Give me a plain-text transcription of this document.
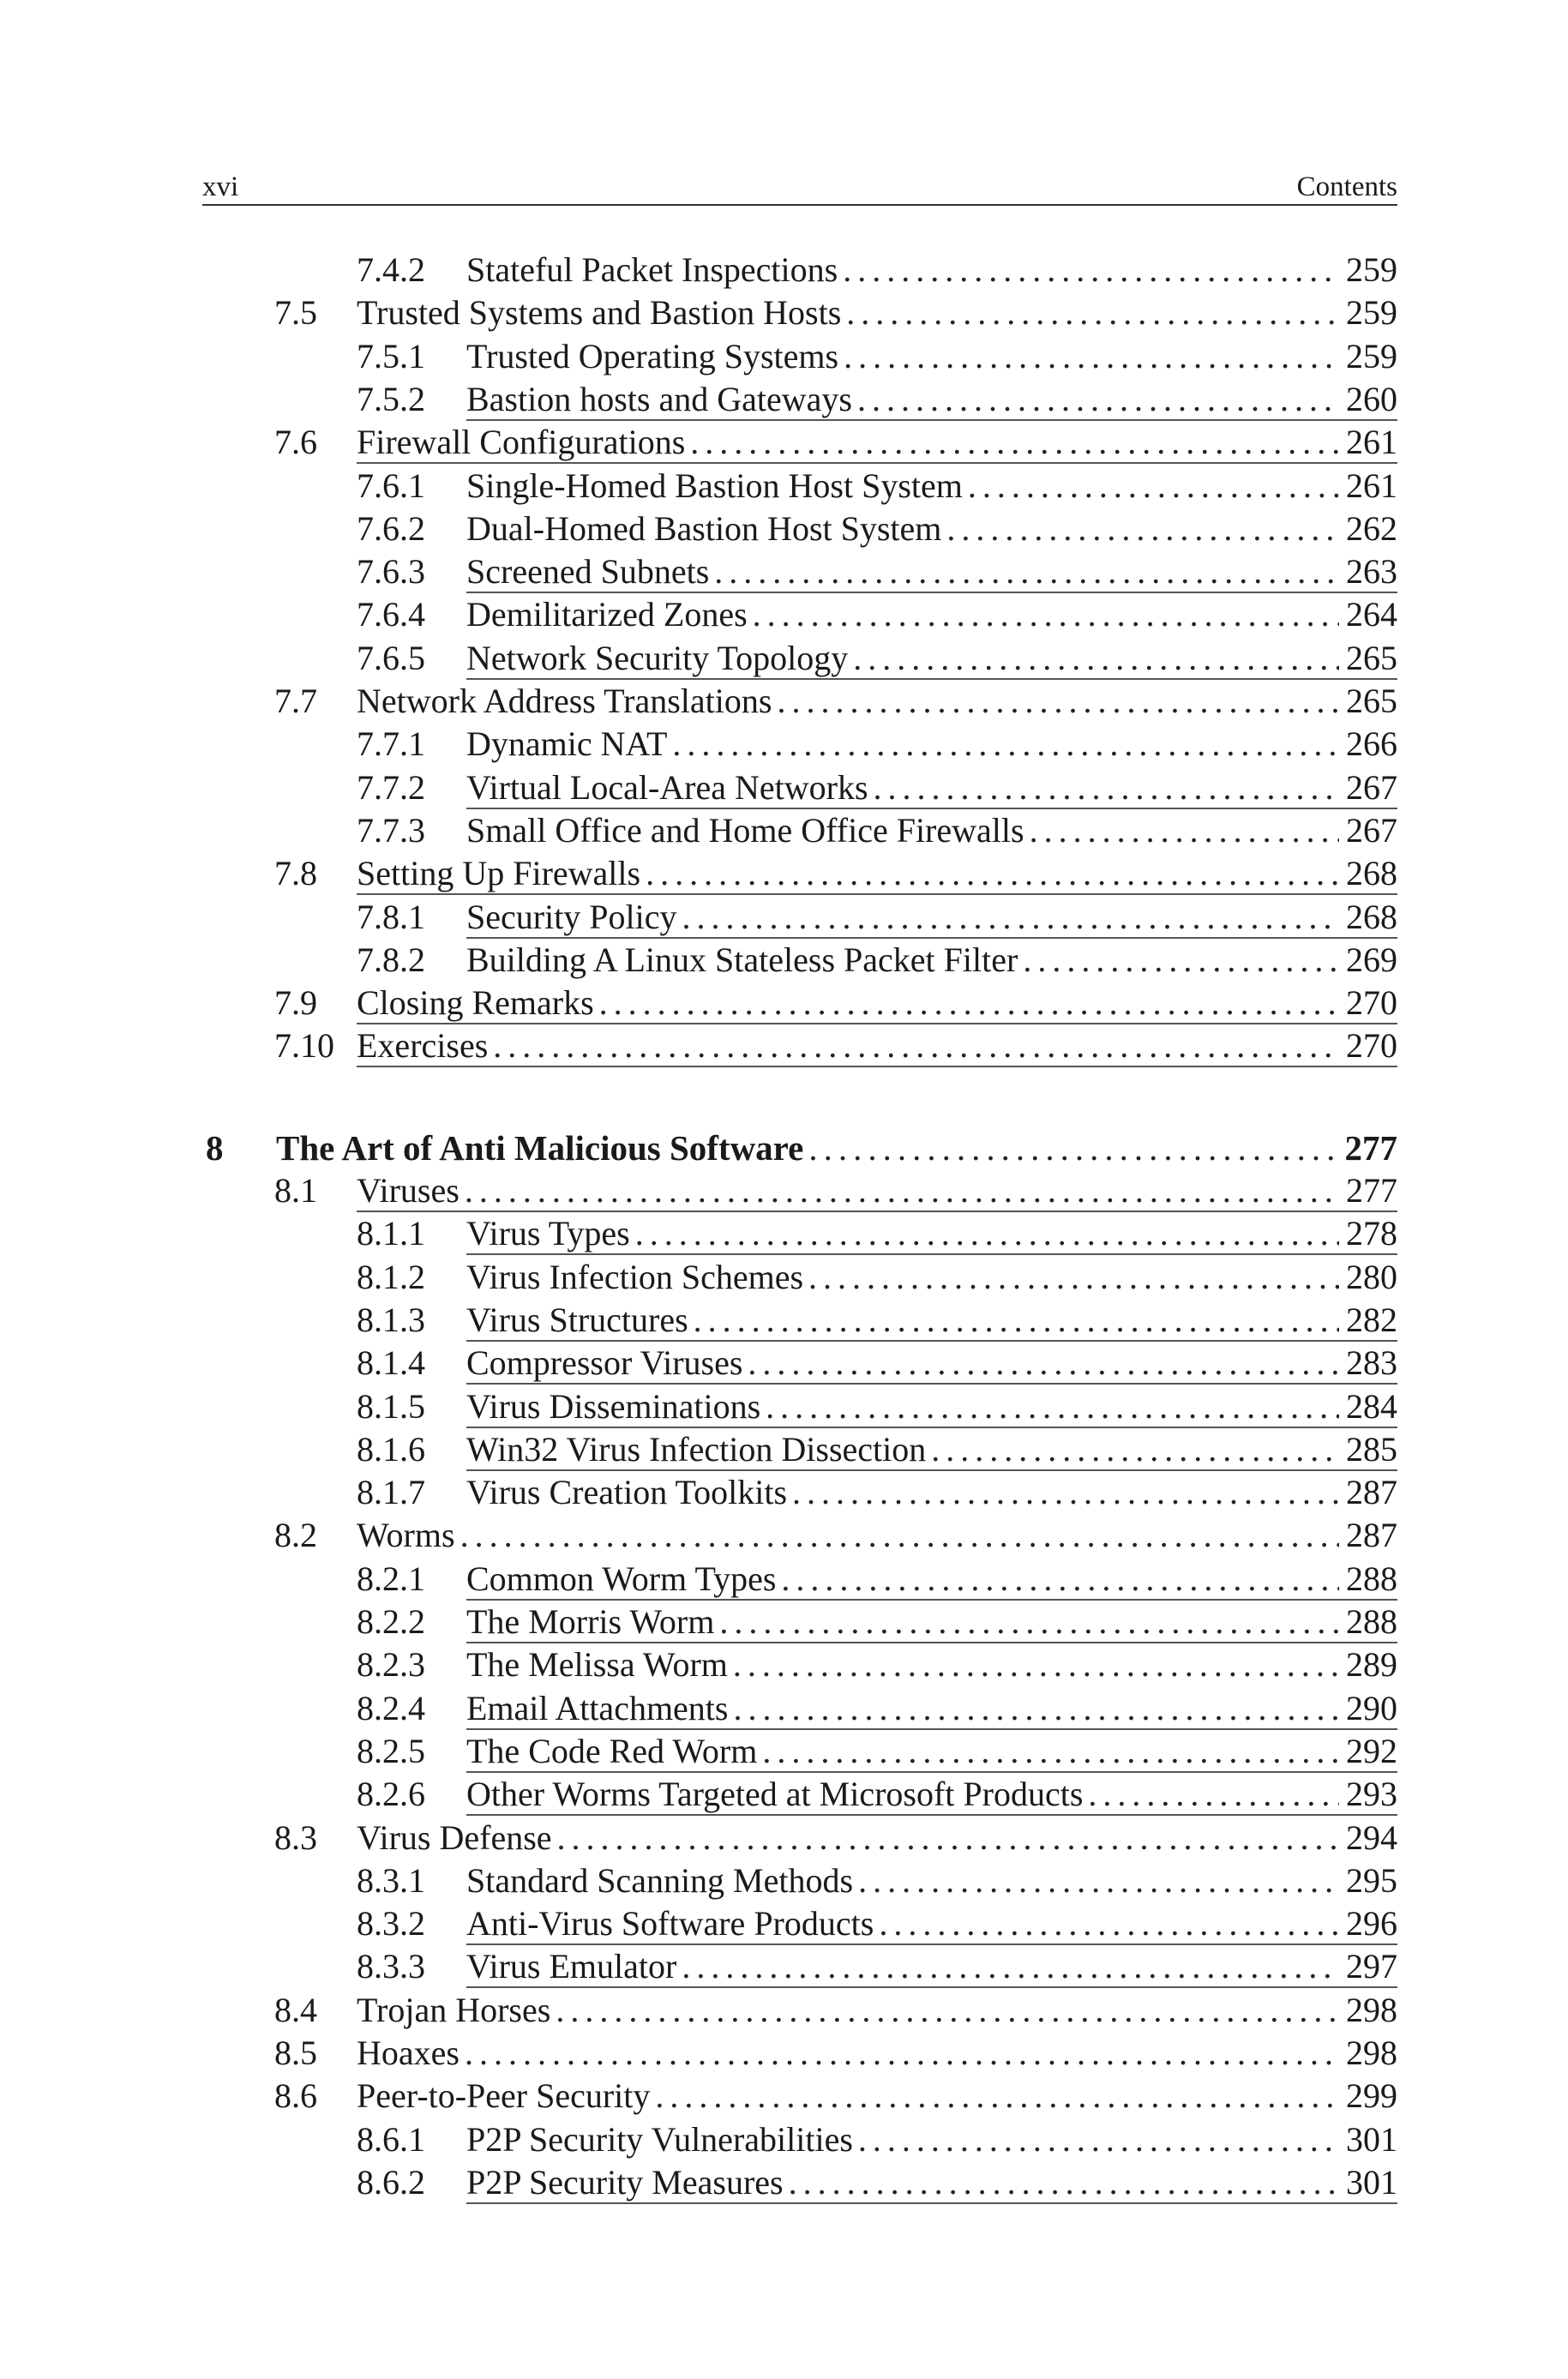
xvi	Contents
7.4.2 Stateful Packet Inspections .....	259
7.5 Trusted Systems and Bastion Hosts .....	259
7.5.1 Trusted Operating Systems .....	259
7.5.2 Bastion hosts and Gateways .....	260
7.6 Firewall Configurations .....	261
7.6.1 Single-Homed Bastion Host System .....	261
7.6.2 Dual-Homed Bastion Host System .....	262
7.6.3 Screened Subnets .....	263
7.6.4 Demilitarized Zones .....	264
7.6.5 Network Security Topology .....	265
7.7 Network Address Translations .....	265
7.7.1 Dynamic NAT .....	266
7.7.2 Virtual Local-Area Networks .....	267
7.7.3 Small Office and Home Office Firewalls .....	267
7.8 Setting Up Firewalls .....	268
7.8.1 Security Policy .....	268
7.8.2 Building A Linux Stateless Packet Filter .....	269
7.9 Closing Remarks .....	270
7.10 Exercises .....	270
8 The Art of Anti Malicious Software .....	277
8.1 Viruses .....	277
8.1.1 Virus Types .....	278
8.1.2 Virus Infection Schemes .....	280
8.1.3 Virus Structures .....	282
8.1.4 Compressor Viruses .....	283
8.1.5 Virus Disseminations .....	284
8.1.6 Win32 Virus Infection Dissection .....	285
8.1.7 Virus Creation Toolkits .....	287
8.2 Worms .....	287
8.2.1 Common Worm Types .....	288
8.2.2 The Morris Worm .....	288
8.2.3 The Melissa Worm .....	289
8.2.4 Email Attachments .....	290
8.2.5 The Code Red Worm .....	292
8.2.6 Other Worms Targeted at Microsoft Products .....	293
8.3 Virus Defense .....	294
8.3.1 Standard Scanning Methods .....	295
8.3.2 Anti-Virus Software Products .....	296
8.3.3 Virus Emulator .....	297
8.4 Trojan Horses .....	298
8.5 Hoaxes .....	298
8.6 Peer-to-Peer Security .....	299
8.6.1 P2P Security Vulnerabilities .....	301
8.6.2 P2P Security Measures .....	301
